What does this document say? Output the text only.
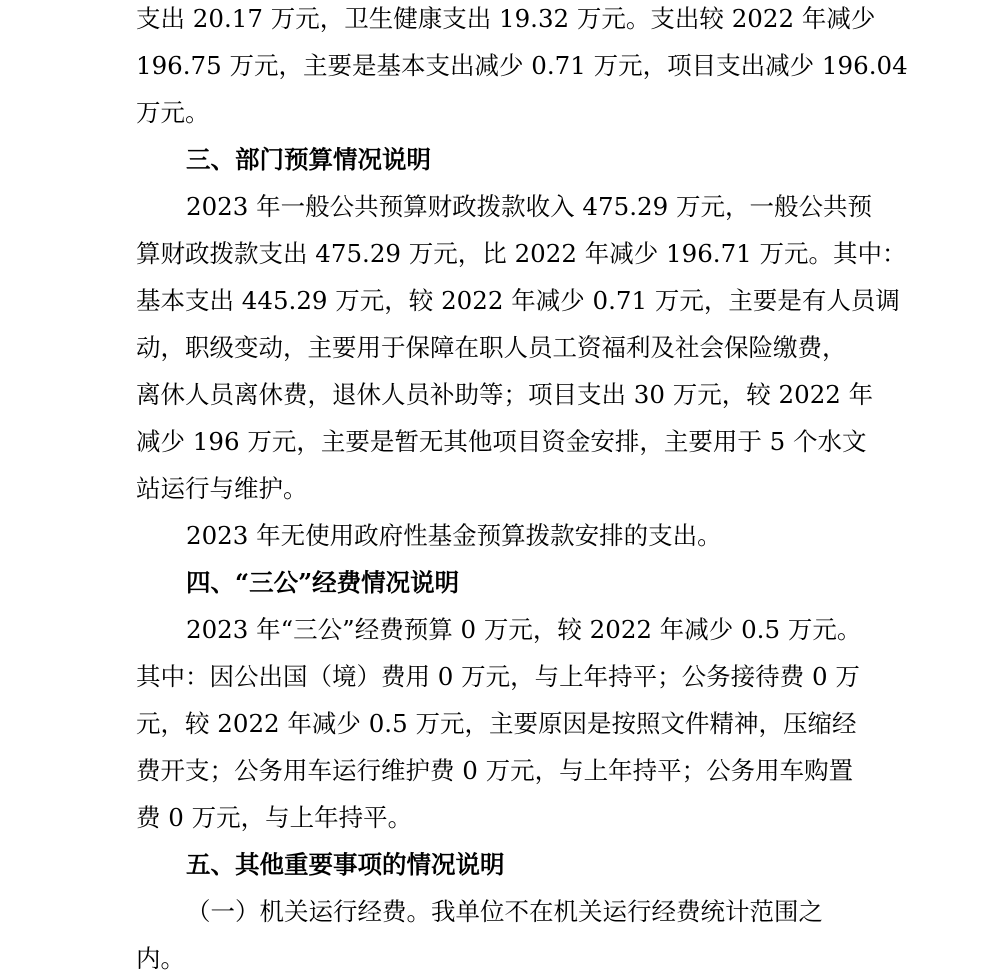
支出 20.17 万元，卫生健康支出 19.32 万元。支出较 2022 年减少
196.75 万元，主要是基本支出减少 0.71 万元，项目支出减少 196.04
万元。
三、部门预算情况说明
2023 年一般公共预算财政拨款收入 475.29 万元，一般公共预
算财政拨款支出 475.29 万元，比 2022 年减少 196.71 万元。其中：
基本支出 445.29 万元，较 2022 年减少 0.71 万元，主要是有人员调
动，职级变动，主要用于保障在职人员工资福利及社会保险缴费，
离休人员离休费，退休人员补助等；项目支出 30 万元，较 2022 年
减少 196 万元，主要是暂无其他项目资金安排，主要用于 5 个水文
站运行与维护。
2023 年无使用政府性基金预算拨款安排的支出。
四、“三公”经费情况说明
2023 年“三公”经费预算 0 万元，较 2022 年减少 0.5 万元。
其中：因公出国（境）费用 0 万元，与上年持平；公务接待费 0 万
元，较 2022 年减少 0.5 万元，主要原因是按照文件精神，压缩经
费开支；公务用车运行维护费 0 万元，与上年持平；公务用车购置
费 0 万元，与上年持平。
五、其他重要事项的情况说明
（一）机关运行经费。我单位不在机关运行经费统计范围之
内。
